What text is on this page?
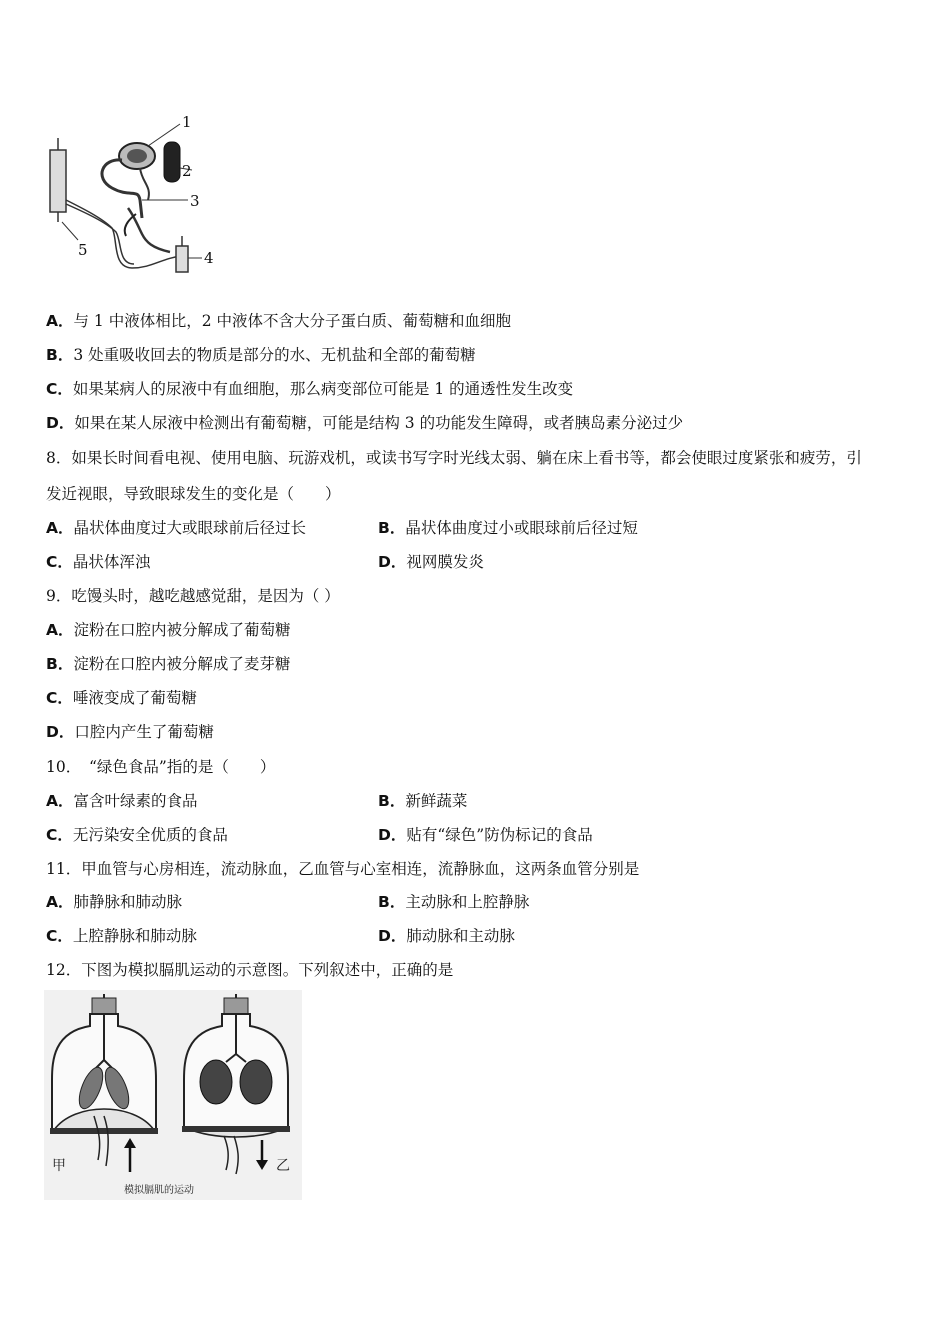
1
2
3
4
5
A．与 1 中液体相比，2 中液体不含大分子蛋白质、葡萄糖和血细胞
B．3 处重吸收回去的物质是部分的水、无机盐和全部的葡萄糖
C．如果某病人的尿液中有血细胞，那么病变部位可能是 1 的通透性发生改变
D．如果在某人尿液中检测出有葡萄糖，可能是结构 3 的功能发生障碍，或者胰岛素分泌过少
8．如果长时间看电视、使用电脑、玩游戏机，或读书写字时光线太弱、躺在床上看书等，都会使眼过度紧张和疲劳，引
发近视眼，导致眼球发生的变化是（　　）
A．晶状体曲度过大或眼球前后径过长	B．晶状体曲度过小或眼球前后径过短
C．晶状体浑浊	D．视网膜发炎
9．吃馒头时，越吃越感觉甜，是因为（ ）
A．淀粉在口腔内被分解成了葡萄糖
B．淀粉在口腔内被分解成了麦芽糖
C．唾液变成了葡萄糖
D．口腔内产生了葡萄糖
10．　“绿色食品”指的是（　　）
A．富含叶绿素的食品	B．新鲜蔬菜
C．无污染安全优质的食品	D．贴有“绿色”防伪标记的食品
11．甲血管与心房相连，流动脉血，乙血管与心室相连，流静脉血，这两条血管分别是
A．肺静脉和肺动脉	B．主动脉和上腔静脉
C．上腔静脉和肺动脉	D．肺动脉和主动脉
12．下图为模拟膈肌运动的示意图。下列叙述中，正确的是
甲	乙
模拟膈肌的运动
